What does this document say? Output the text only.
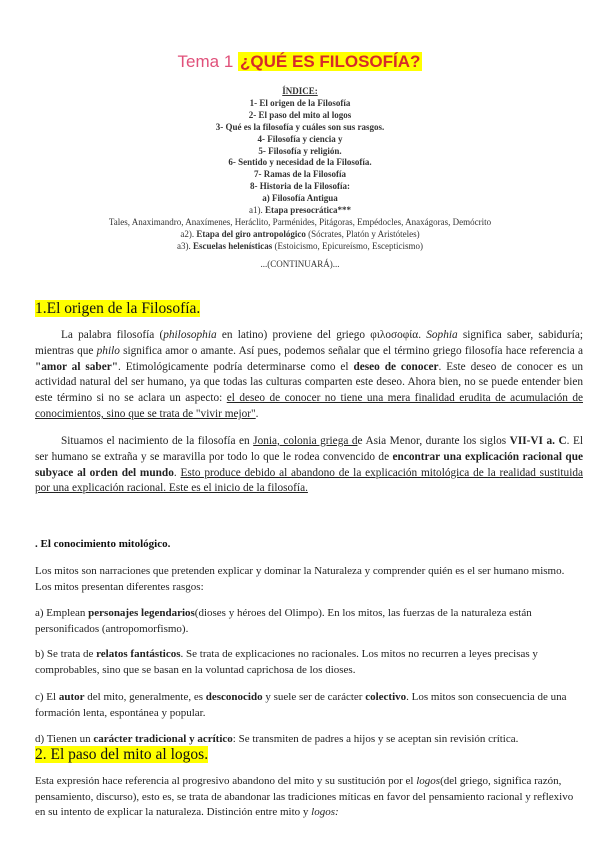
Tema 1 ¿QUÉ ES FILOSOFÍA?
ÍNDICE:
1- El origen de la Filosofía
2- El paso del mito al logos
3- Qué es la filosofía y cuáles son sus rasgos.
4- Filosofía y ciencia y
5- Filosofía y religión.
6- Sentido y necesidad de la Filosofía.
7- Ramas de la Filosofía
8- Historia de la Filosofía:
a) Filosofía Antigua
a1). Etapa presocrática***
Tales, Anaximandro, Anaxímenes, Heráclito, Parménides, Pitágoras, Empédocles, Anaxágoras, Demócrito
a2). Etapa del giro antropológico (Sócrates, Platón y Aristóteles)
a3). Escuelas helenísticas (Estoicismo, Epicureísmo, Escepticismo)
...(CONTINUARÁ)...
1.El origen de la Filosofía.
La palabra filosofía (philosophia en latino) proviene del griego φιλοσοφία. Sophia significa saber, sabiduría; mientras que philo significa amor o amante. Así pues, podemos señalar que el término griego filosofía hace referencia a "amor al saber". Etimológicamente podría determinarse como el deseo de conocer. Este deseo de conocer es un actividad natural del ser humano, ya que todas las culturas comparten este deseo. Ahora bien, no se puede entender bien este término si no se aclara un aspecto: el deseo de conocer no tiene una mera finalidad erudita de acumulación de conocimientos, sino que se trata de "vivir mejor".
Situamos el nacimiento de la filosofía en Jonia, colonia griega de Asia Menor, durante los siglos VII-VI a. C. El ser humano se extraña y se maravilla por todo lo que le rodea convencido de encontrar una explicación racional que subyace al orden del mundo. Esto produce debido al abandono de la explicación mitológica de la realidad sustituida por una explicación racional. Este es el inicio de la filosofía.
. El conocimiento mitológico.
Los mitos son narraciones que pretenden explicar y dominar la Naturaleza y comprender quién es el ser humano mismo. Los mitos presentan diferentes rasgos:
a) Emplean personajes legendarios(dioses y héroes del Olimpo). En los mitos, las fuerzas de la naturaleza están personificados (antropomorfismo).
b) Se trata de relatos fantásticos. Se trata de explicaciones no racionales. Los mitos no recurren a leyes precisas y comprobables, sino que se basan en la voluntad caprichosa de los dioses.
c) El autor del mito, generalmente, es desconocido y suele ser de carácter colectivo. Los mitos son consecuencia de una formación lenta, espontánea y popular.
d) Tienen un carácter tradicional y acrítico: Se transmiten de padres a hijos y se aceptan sin revisión crítica.
2. El paso del mito al logos.
Esta expresión hace referencia al progresivo abandono del mito y su sustitución por el logos(del griego, significa razón, pensamiento, discurso), esto es, se trata de abandonar las tradiciones míticas en favor del pensamiento racional y reflexivo en su intento de explicar la naturaleza. Distinción entre mito y logos:
